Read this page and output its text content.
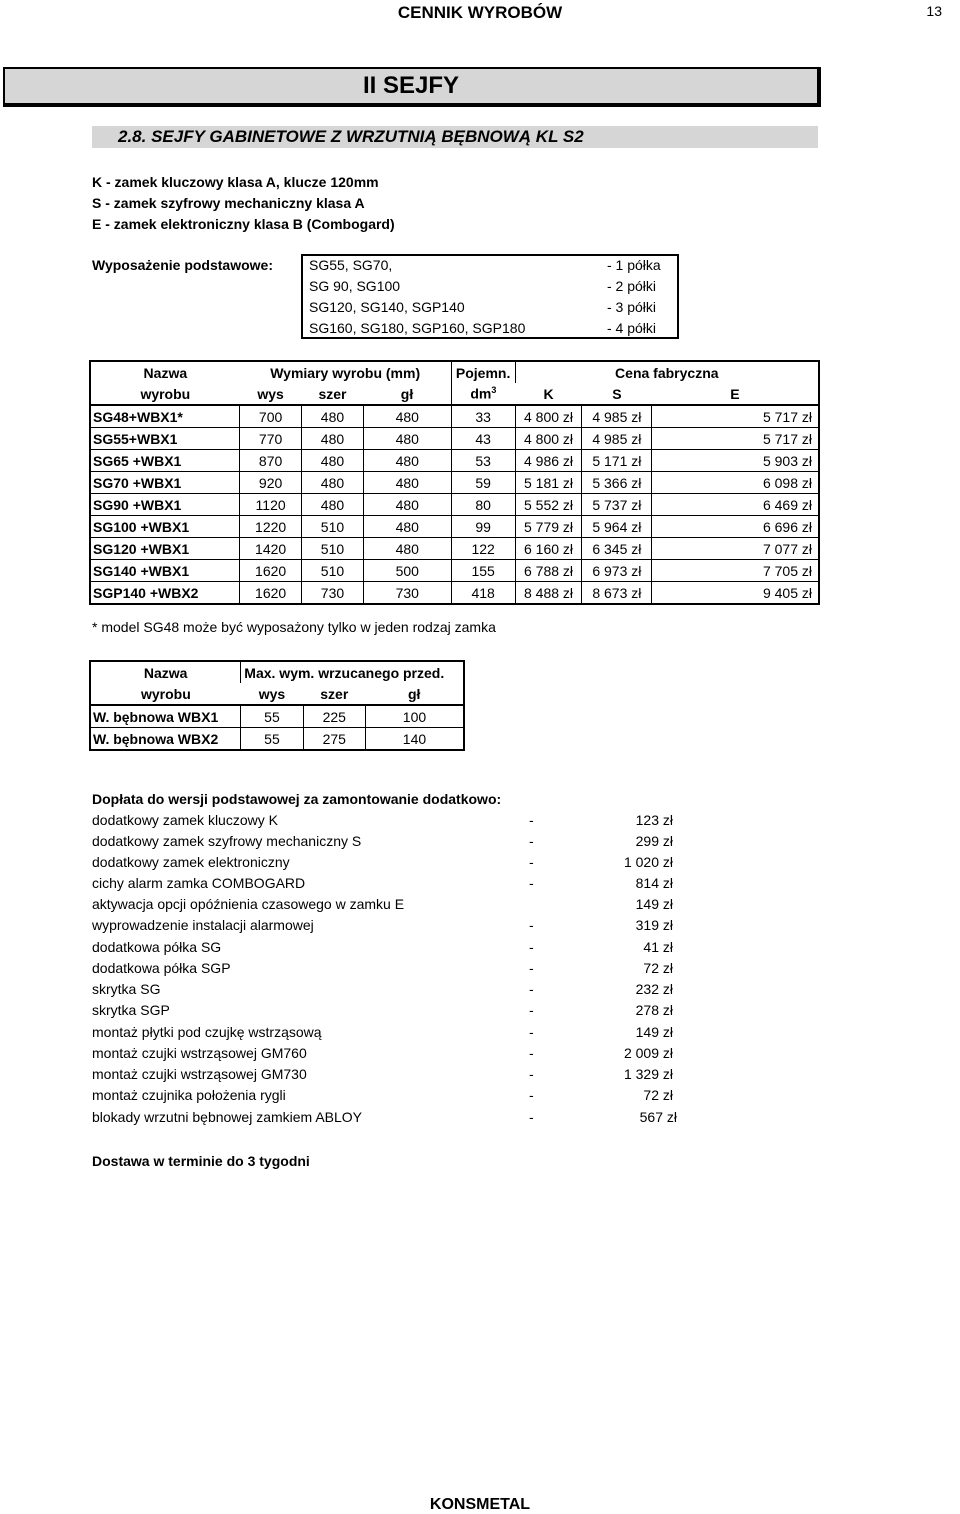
CENNIK WYROBÓW	13
II SEJFY
2.8. SEJFY GABINETOWE Z WRZUTNIĄ BĘBNOWĄ KL S2
K - zamek kluczowy klasa A, klucze 120mm
S - zamek szyfrowy mechaniczny klasa A
E - zamek elektroniczny klasa B (Combogard)
Wyposażenie podstawowe:	SG55, SG70,	- 1 półka
SG 90, SG100	- 2 półki
SG120, SG140, SGP140	- 3 półki
SG160, SG180, SGP160, SGP180	- 4 półki
Nazwa	Wymiary wyrobu (mm)			Pojemn.	Cena fabryczna		
wyrobu	wys	szer	gł	$dm^3$	K	S	E
SG48+WBX1*	700	480	480	33	4 800 zł	4 985 zł	5 717 zł
SG55+WBX1	770	480	480	43	4 800 zł	4 985 zł	5 717 zł
SG65 +WBX1	870	480	480	53	4 986 zł	5 171 zł	5 903 zł
SG70 +WBX1	920	480	480	59	5 181 zł	5 366 zł	6 098 zł
SG90 +WBX1	1120	480	480	80	5 552 zł	5 737 zł	6 469 zł
SG100 +WBX1	1220	510	480	99	5 779 zł	5 964 zł	6 696 zł
SG120 +WBX1	1420	510	480	122	6 160 zł	6 345 zł	7 077 zł
SG140 +WBX1	1620	510	500	155	6 788 zł	6 973 zł	7 705 zł
SGP140 +WBX2	1620	730	730	418	8 488 zł	8 673 zł	9 405 zł
* model SG48 może być wyposażony tylko w jeden rodzaj zamka
Nazwa	Max. wym. wrzucanego przed.		
wyrobu	wys	szer	gł
W. bębnowa WBX1	55	225	100
W. bębnowa WBX2	55	275	140
Dopłata do wersji podstawowej za zamontowanie dodatkowo:
dodatkowy zamek kluczowy K	-	123 zł
dodatkowy zamek szyfrowy mechaniczny S	-	299 zł
dodatkowy zamek elektroniczny	-	1 020 zł
cichy alarm zamka COMBOGARD	-	814 zł
aktywacja opcji opóźnienia czasowego w zamku E	149 zł
wyprowadzenie instalacji alarmowej	-	319 zł
dodatkowa półka SG	-	41 zł
dodatkowa półka SGP	-	72 zł
skrytka SG	-	232 zł
skrytka SGP	-	278 zł
montaż płytki pod czujkę wstrząsową	-	149 zł
montaż czujki wstrząsowej GM760	-	2 009 zł
montaż czujki wstrząsowej GM730	-	1 329 zł
montaż czujnika położenia rygli	-	72 zł
blokady wrzutni bębnowej zamkiem ABLOY	-	567 zł
Dostawa w terminie do 3 tygodni
KONSMETAL
